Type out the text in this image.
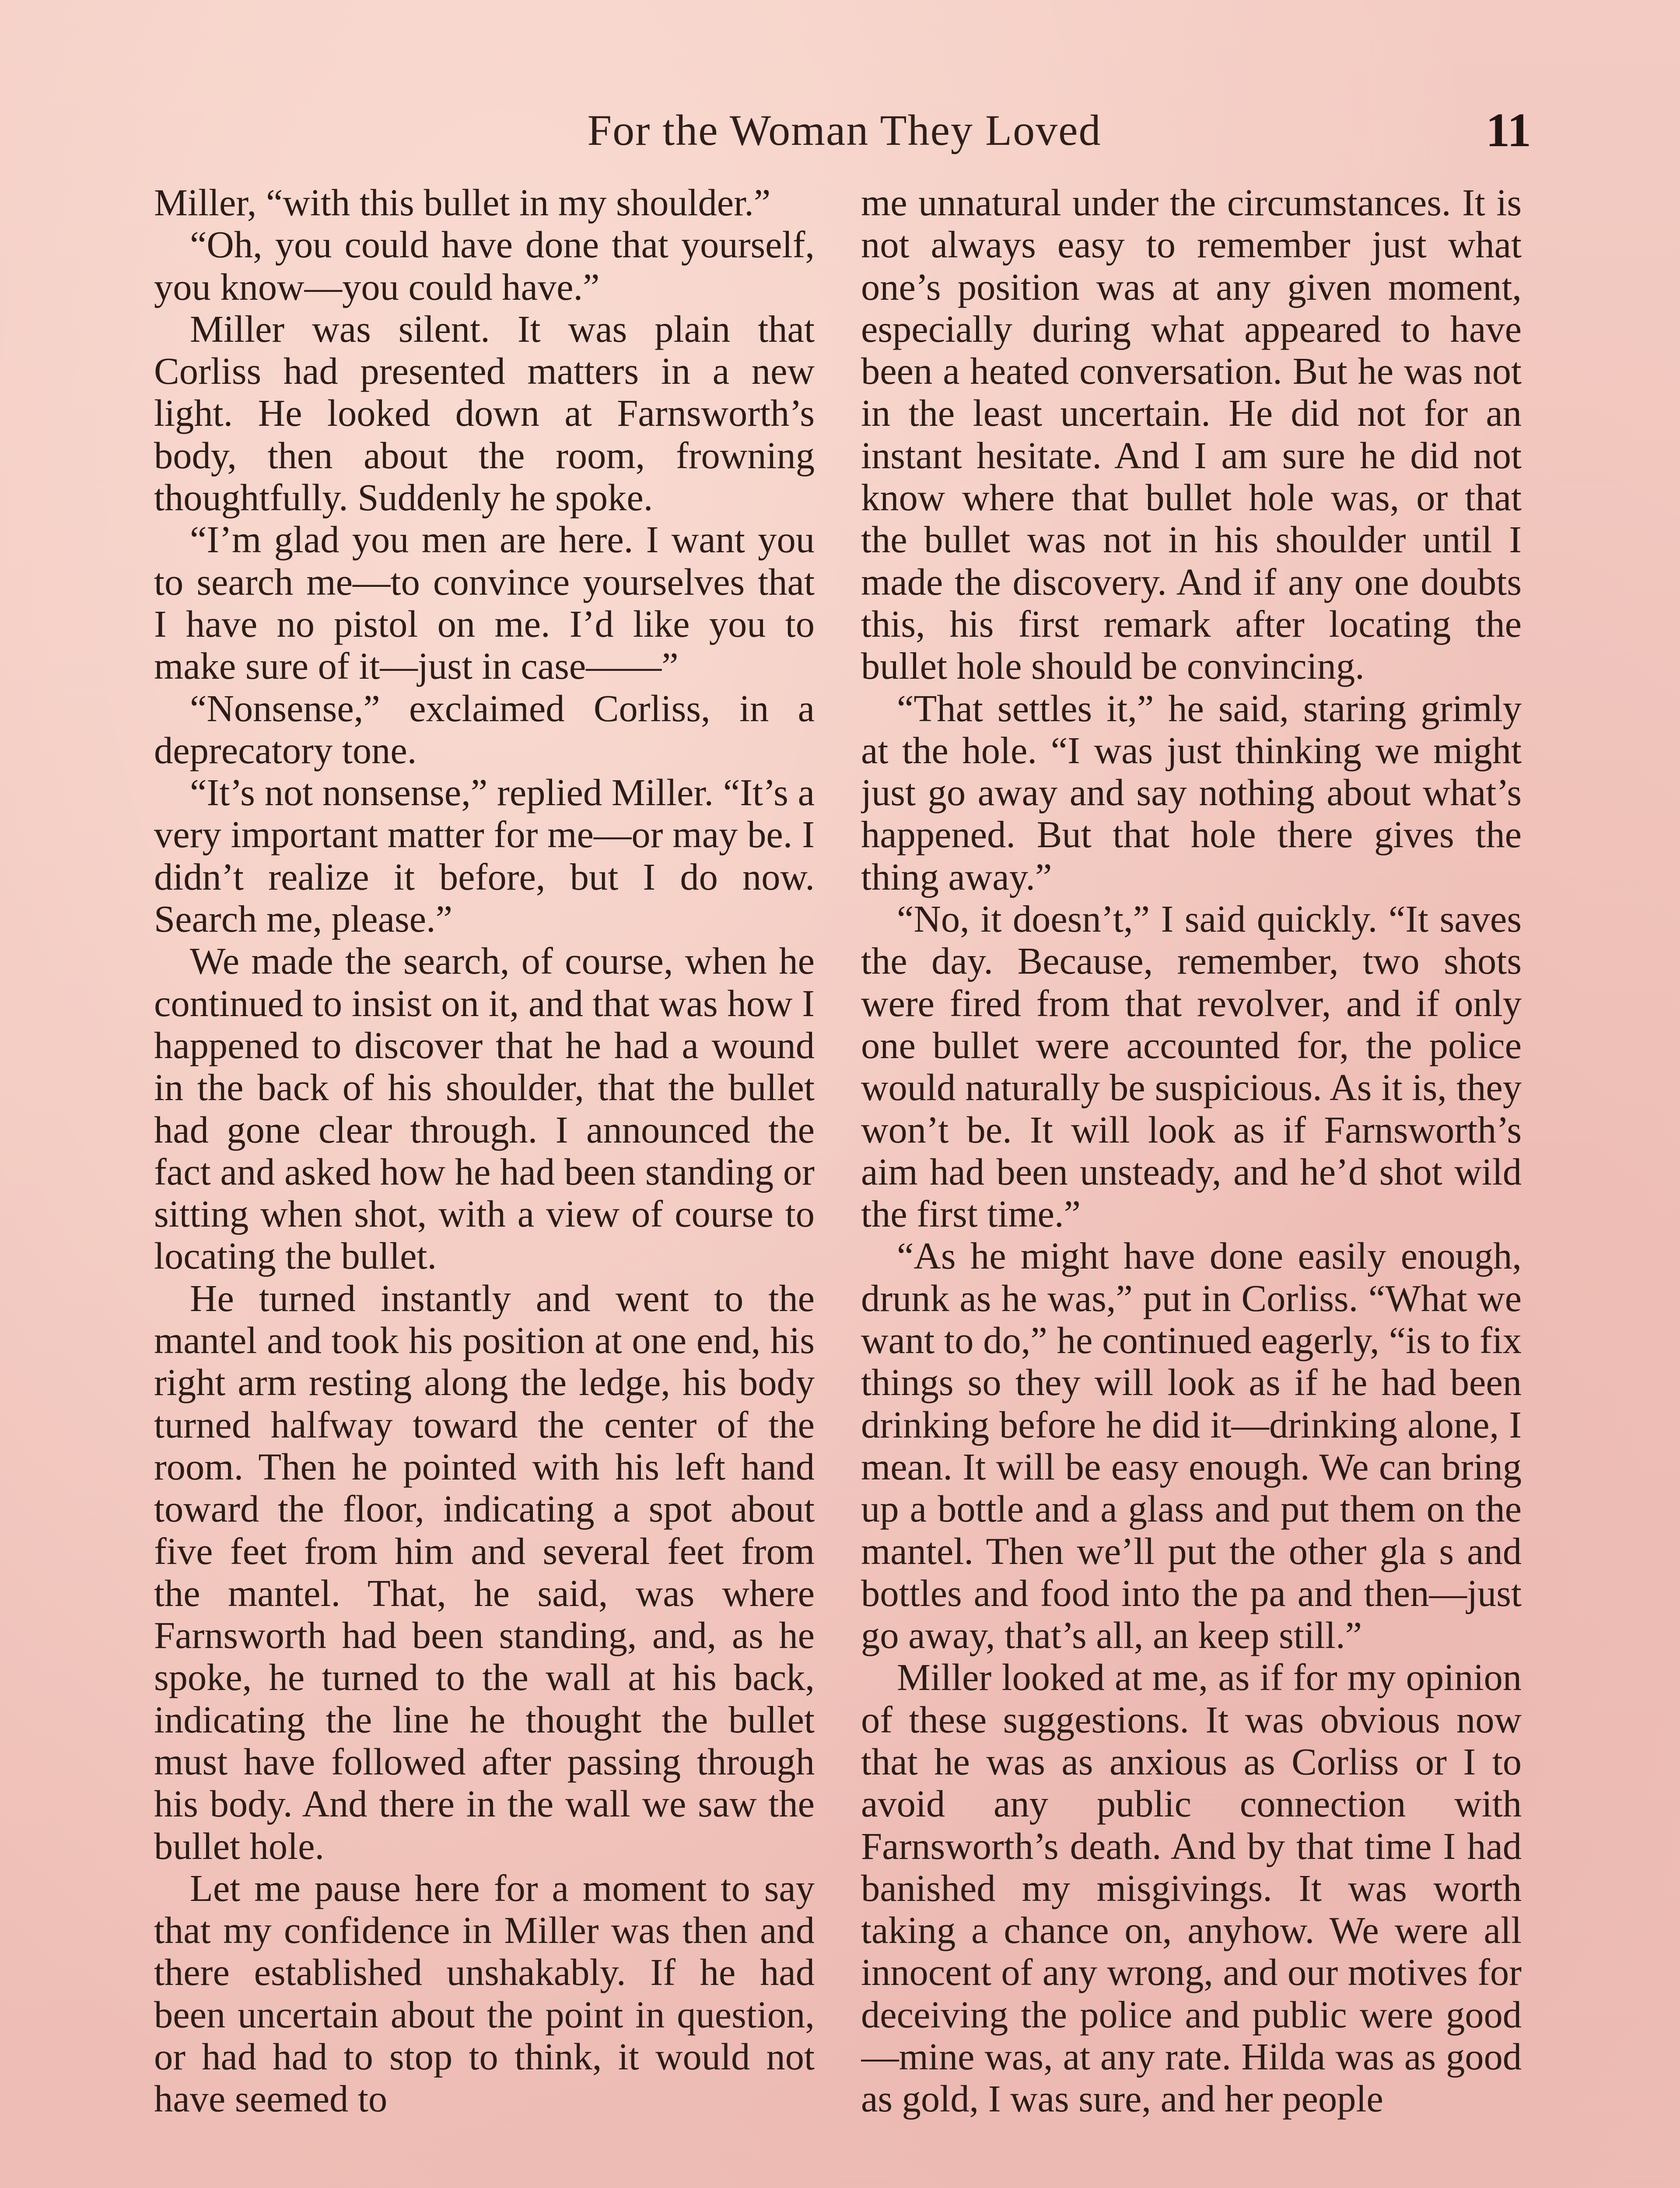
For the Woman They Loved	11

Miller, “with this bullet in my shoulder.”

“Oh, you could have done that yourself, you know—you could have.”

Miller was silent. It was plain that Corliss had presented matters in a new light. He looked down at Farnsworth’s body, then about the room, frowning thoughtfully. Suddenly he spoke.

“I’m glad you men are here. I want you to search me—to convince yourselves that I have no pistol on me. I’d like you to make sure of it—just in case——”

“Nonsense,” exclaimed Corliss, in a deprecatory tone.

“It’s not nonsense,” replied Miller. “It’s a very important matter for me—or may be. I didn’t realize it before, but I do now. Search me, please.”

We made the search, of course, when he continued to insist on it, and that was how I happened to discover that he had a wound in the back of his shoulder, that the bullet had gone clear through. I announced the fact and asked how he had been standing or sitting when shot, with a view of course to locating the bullet.

He turned instantly and went to the mantel and took his position at one end, his right arm resting along the ledge, his body turned halfway toward the center of the room. Then he pointed with his left hand toward the floor, indicating a spot about five feet from him and several feet from the mantel. That, he said, was where Farnsworth had been standing, and, as he spoke, he turned to the wall at his back, indicating the line he thought the bullet must have followed after passing through his body. And there in the wall we saw the bullet hole.

Let me pause here for a moment to say that my confidence in Miller was then and there established unshakably. If he had been uncertain about the point in question, or had had to stop to think, it would not have seemed to

me unnatural under the circumstances. It is not always easy to remember just what one’s position was at any given moment, especially during what appeared to have been a heated conversation. But he was not in the least uncertain. He did not for an instant hesitate. And I am sure he did not know where that bullet hole was, or that the bullet was not in his shoulder until I made the discovery. And if any one doubts this, his first remark after locating the bullet hole should be convincing.

“That settles it,” he said, staring grimly at the hole. “I was just thinking we might just go away and say nothing about what’s happened. But that hole there gives the thing away.”

“No, it doesn’t,” I said quickly. “It saves the day. Because, remember, two shots were fired from that revolver, and if only one bullet were accounted for, the police would naturally be suspicious. As it is, they won’t be. It will look as if Farnsworth’s aim had been unsteady, and he’d shot wild the first time.”

“As he might have done easily enough, drunk as he was,” put in Corliss. “What we want to do,” he continued eagerly, “is to fix things so they will look as if he had been drinking before he did it—drinking alone, I mean. It will be easy enough. We can bring up a bottle and a glass and put them on the mantel. Then we’ll put the other gla s and bottles and food into the pa and then—just go away, that’s all, an keep still.”

Miller looked at me, as if for my opinion of these suggestions. It was obvious now that he was as anxious as Corliss or I to avoid any public connection with Farnsworth’s death. And by that time I had banished my misgivings. It was worth taking a chance on, anyhow. We were all innocent of any wrong, and our motives for deceiving the police and public were good —mine was, at any rate. Hilda was as good as gold, I was sure, and her people
